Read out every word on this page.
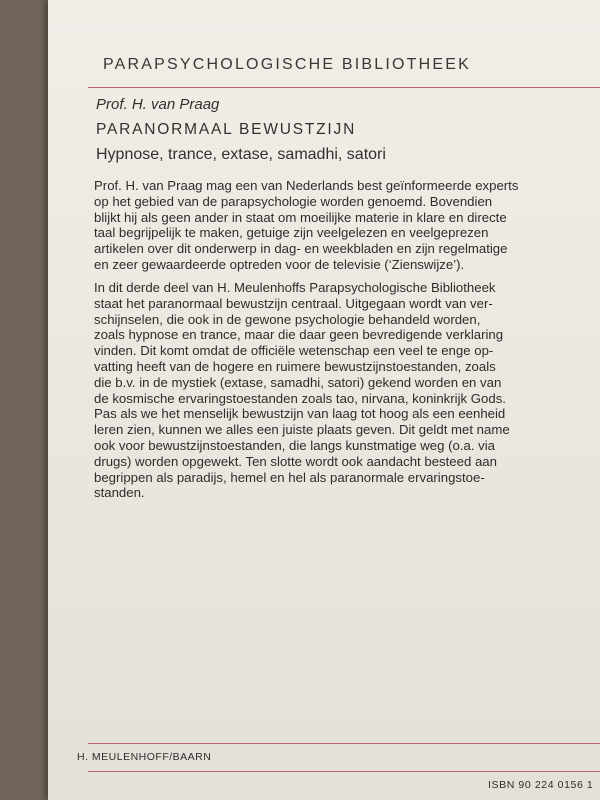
PARAPSYCHOLOGISCHE BIBLIOTHEEK
Prof. H. van Praag
PARANORMAAL BEWUSTZIJN
Hypnose, trance, extase, samadhi, satori
Prof. H. van Praag mag een van Nederlands best geïnformeerde experts
op het gebied van de parapsychologie worden genoemd. Bovendien
blijkt hij als geen ander in staat om moeilijke materie in klare en directe
taal begrijpelijk te maken, getuige zijn veelgelezen en veelgeprezen
artikelen over dit onderwerp in dag- en weekbladen en zijn regelmatige
en zeer gewaardeerde optreden voor de televisie (‘Zienswijze’).
In dit derde deel van H. Meulenhoffs Parapsychologische Bibliotheek
staat het paranormaal bewustzijn centraal. Uitgegaan wordt van ver-
schijnselen, die ook in de gewone psychologie behandeld worden,
zoals hypnose en trance, maar die daar geen bevredigende verklaring
vinden. Dit komt omdat de officiële wetenschap een veel te enge op-
vatting heeft van de hogere en ruimere bewustzijnstoestanden, zoals
die b.v. in de mystiek (extase, samadhi, satori) gekend worden en van
de kosmische ervaringstoestanden zoals tao, nirvana, koninkrijk Gods.
Pas als we het menselijk bewustzijn van laag tot hoog als een eenheid
leren zien, kunnen we alles een juiste plaats geven. Dit geldt met name
ook voor bewustzijnstoestanden, die langs kunstmatige weg (o.a. via
drugs) worden opgewekt. Ten slotte wordt ook aandacht besteed aan
begrippen als paradijs, hemel en hel als paranormale ervaringstoe-
standen.
H. MEULENHOFF/BAARN
ISBN 90 224 0156 1
